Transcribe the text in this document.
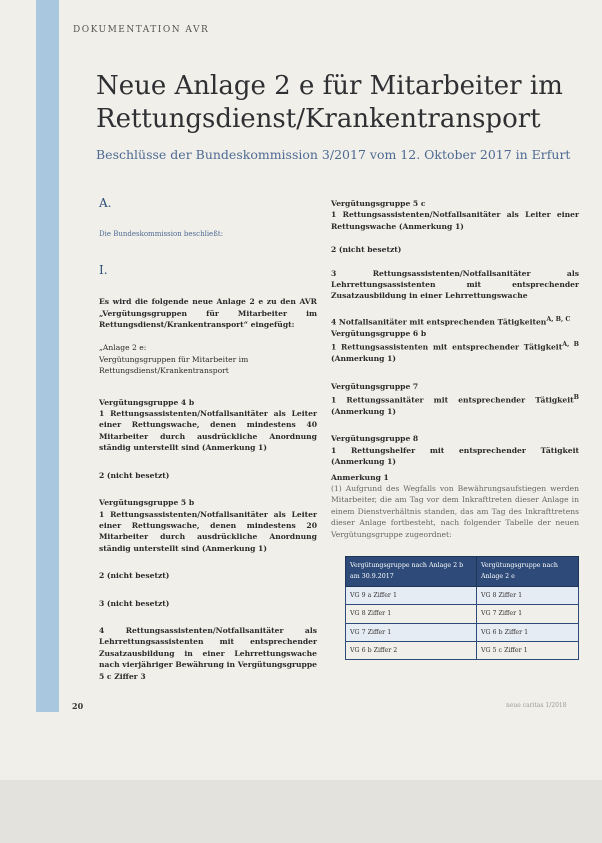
DOKUMENTATION AVR
Neue Anlage 2 e für Mitarbeiter im Rettungsdienst/Krankentransport
Beschlüsse der Bundeskommission 3/2017 vom 12. Oktober 2017 in Erfurt

A.

Die Bundeskommission beschließt:

I.

Es wird die folgende neue Anlage 2 e zu den AVR „Vergütungsgruppen für Mitarbeiter im Rettungsdienst/Krankentransport“ eingefügt:

„Anlage 2 e:

Vergütungsgruppen für Mitarbeiter im Rettungsdienst/Krankentransport

Vergütungsgruppe 4 b

1 Rettungsassistenten/Notfallsanitäter als Leiter einer Rettungswache, denen mindestens 40 Mitarbeiter durch ausdrückliche Anordnung ständig unterstellt sind (Anmerkung 1)

2 (nicht besetzt)

Vergütungsgruppe 5 b

1 Rettungsassistenten/Notfallsanitäter als Leiter einer Rettungswache, denen mindestens 20 Mitarbeiter durch ausdrückliche Anordnung ständig unterstellt sind (Anmerkung 1)

2 (nicht besetzt)

3 (nicht besetzt)

4 Rettungsassistenten/Notfallsanitäter als Lehrrettungsassistenten mit entsprechender Zusatzausbildung in einer Lehrrettungswache nach vierjähriger Bewährung in Vergütungsgruppe 5 c Ziffer 3

Vergütungsgruppe 5 c

1 Rettungsassistenten/Notfallsanitäter als Leiter einer Rettungswache (Anmerkung 1)

2 (nicht besetzt)

3 Rettungsassistenten/Notfallsanitäter als Lehrrettungsassistenten mit entsprechender Zusatzausbildung in einer Lehrrettungswache

4 Notfallsanitäter mit entsprechenden Tätigkeiten$^{A, B, C}$

Vergütungsgruppe 6 b

1 Rettungsassistenten mit entsprechender Tätigkeit$^{A, B}$ (Anmerkung 1)

Vergütungsgruppe 7

1 Rettungssanitäter mit entsprechender Tätigkeit$^B$ (Anmerkung 1)

Vergütungsgruppe 8

1 Rettungshelfer mit entsprechender Tätigkeit (Anmerkung 1)

Anmerkung 1

(1) Aufgrund des Wegfalls von Bewährungsaufstiegen werden Mitarbeiter, die am Tag vor dem Inkrafttreten dieser Anlage in einem Dienstverhältnis standen, das am Tag des Inkrafttretens dieser Anlage fortbesteht, nach folgender Tabelle der neuen Vergütungsgruppe zugeordnet:

Vergütungsgruppe nach Anlage 2 b am 30.9.2017	Vergütungsgruppe nach Anlage 2 e
VG 9 a Ziffer 1	VG 8 Ziffer 1
VG 8 Ziffer 1	VG 7 Ziffer 1
VG 7 Ziffer 1	VG 6 b Ziffer 1
VG 6 b Ziffer 2	VG 5 c Ziffer 1
20	neue caritas 1/2018
